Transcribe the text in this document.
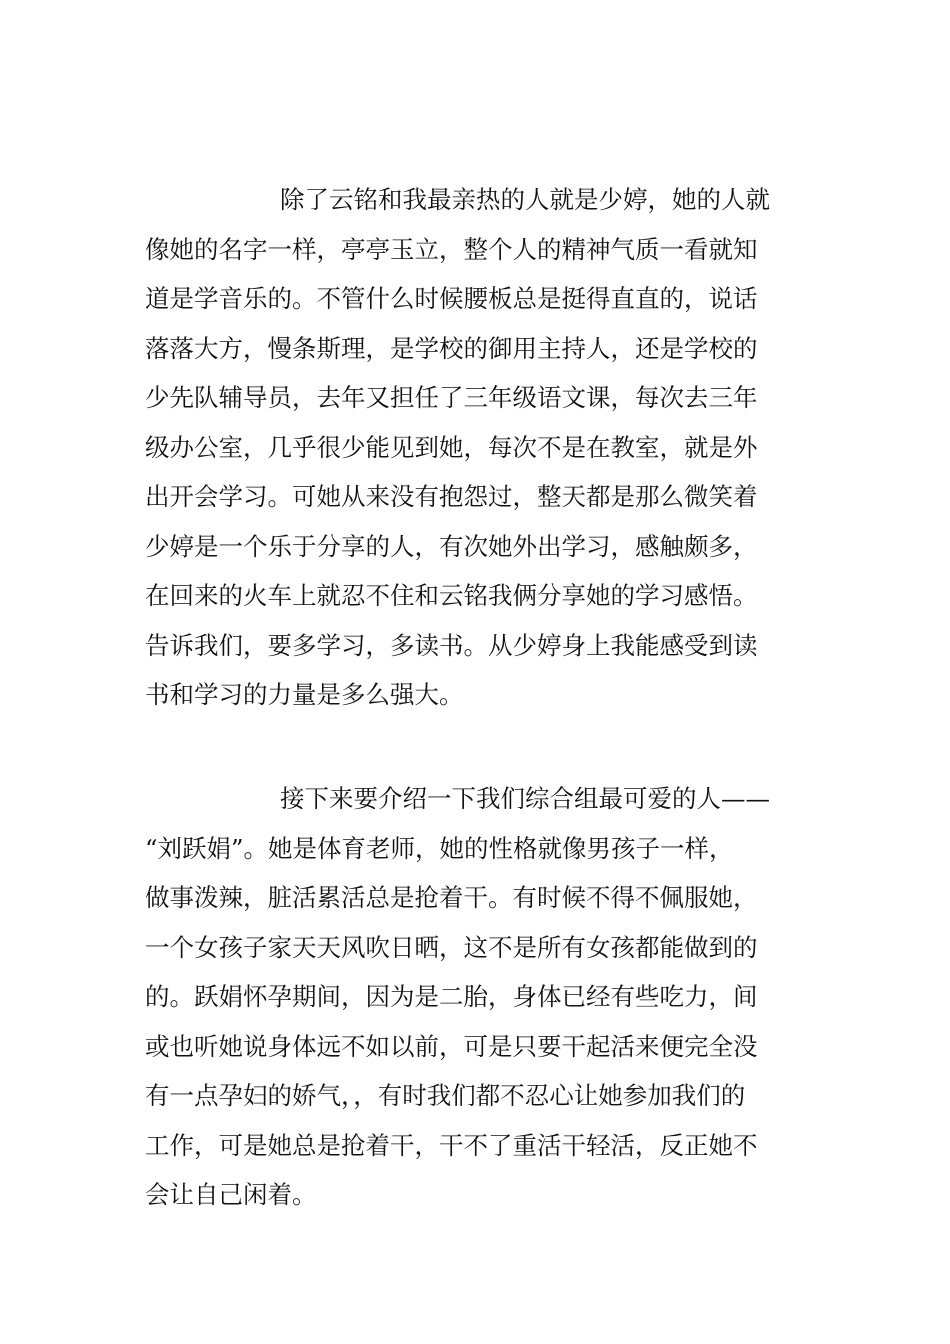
除了云铭和我最亲热的人就是少婷，她的人就
像她的名字一样，亭亭玉立，整个人的精神气质一看就知
道是学音乐的。不管什么时候腰板总是挺得直直的，说话
落落大方，慢条斯理，是学校的御用主持人，还是学校的
少先队辅导员，去年又担任了三年级语文课，每次去三年
级办公室，几乎很少能见到她，每次不是在教室，就是外
出开会学习。可她从来没有抱怨过，整天都是那么微笑着
少婷是一个乐于分享的人，有次她外出学习，感触颇多，
在回来的火车上就忍不住和云铭我俩分享她的学习感悟。
告诉我们，要多学习，多读书。从少婷身上我能感受到读
书和学习的力量是多么强大。
接下来要介绍一下我们综合组最可爱的人——
“刘跃娟”。她是体育老师，她的性格就像男孩子一样，
做事泼辣，脏活累活总是抢着干。有时候不得不佩服她，
一个女孩子家天天风吹日晒，这不是所有女孩都能做到的
的。跃娟怀孕期间，因为是二胎，身体已经有些吃力，间
或也听她说身体远不如以前，可是只要干起活来便完全没
有一点孕妇的娇气，，有时我们都不忍心让她参加我们的
工作，可是她总是抢着干，干不了重活干轻活，反正她不
会让自己闲着。
